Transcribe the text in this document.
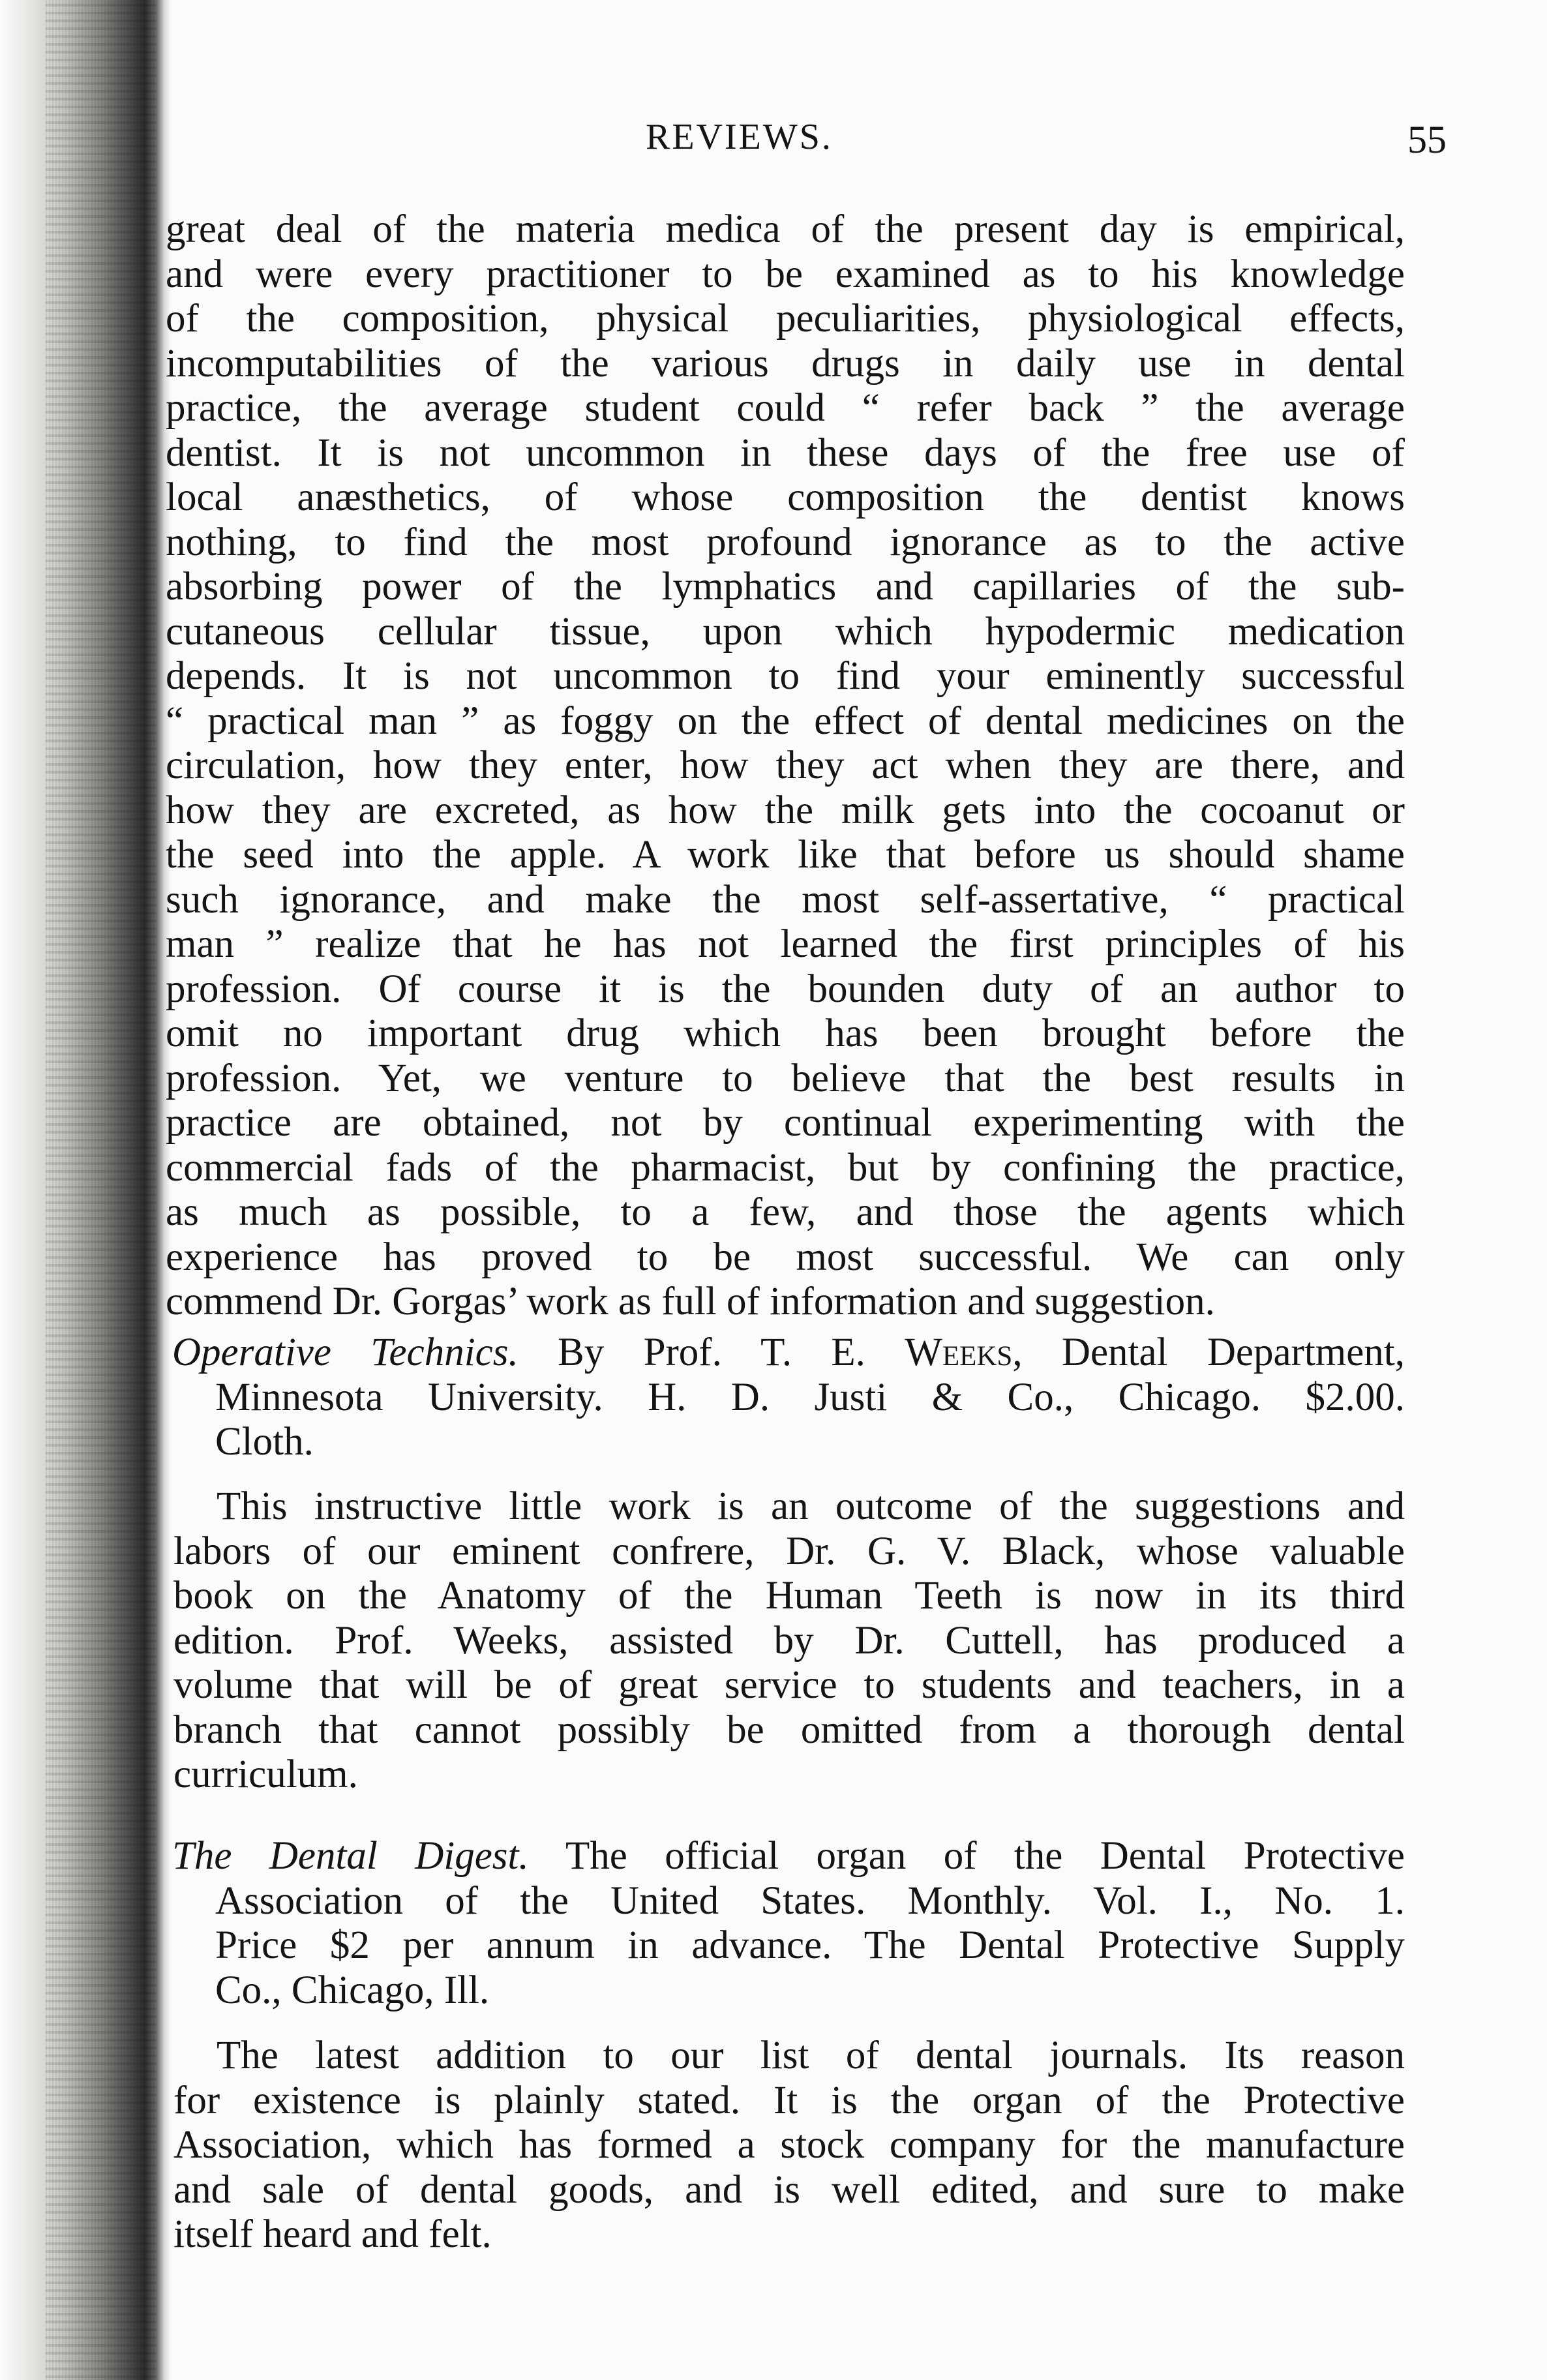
REVIEWS.	55

great deal of the materia medica of the present day is empirical,

and were every practitioner to be examined as to his knowledge

of the composition, physical peculiarities, physiological effects,

incomputabilities of the various drugs in daily use in dental

practice, the average student could “ refer back ” the average

dentist. It is not uncommon in these days of the free use of

local anæsthetics, of whose composition the dentist knows

nothing, to find the most profound ignorance as to the active

absorbing power of the lymphatics and capillaries of the sub-

cutaneous cellular tissue, upon which hypodermic medication

depends. It is not uncommon to find your eminently successful

“ practical man ” as foggy on the effect of dental medicines on the

circulation, how they enter, how they act when they are there, and

how they are excreted, as how the milk gets into the cocoanut or

the seed into the apple. A work like that before us should shame

such ignorance, and make the most self-assertative, “ practical

man ” realize that he has not learned the first principles of his

profession. Of course it is the bounden duty of an author to

omit no important drug which has been brought before the

profession. Yet, we venture to believe that the best results in

practice are obtained, not by continual experimenting with the

commercial fads of the pharmacist, but by confining the practice,

as much as possible, to a few, and those the agents which

experience has proved to be most successful. We can only

commend Dr. Gorgas’ work as full of information and suggestion.

Operative Technics. By Prof. T. E. Weeks, Dental Department,

Minnesota University. H. D. Justi & Co., Chicago. $2.00.

Cloth.

This instructive little work is an outcome of the suggestions and

labors of our eminent confrere, Dr. G. V. Black, whose valuable

book on the Anatomy of the Human Teeth is now in its third

edition. Prof. Weeks, assisted by Dr. Cuttell, has produced a

volume that will be of great service to students and teachers, in a

branch that cannot possibly be omitted from a thorough dental

curriculum.

The Dental Digest. The official organ of the Dental Protective

Association of the United States. Monthly. Vol. I., No. 1.

Price $2 per annum in advance. The Dental Protective Supply

Co., Chicago, Ill.

The latest addition to our list of dental journals. Its reason

for existence is plainly stated. It is the organ of the Protective

Association, which has formed a stock company for the manufacture

and sale of dental goods, and is well edited, and sure to make

itself heard and felt.
